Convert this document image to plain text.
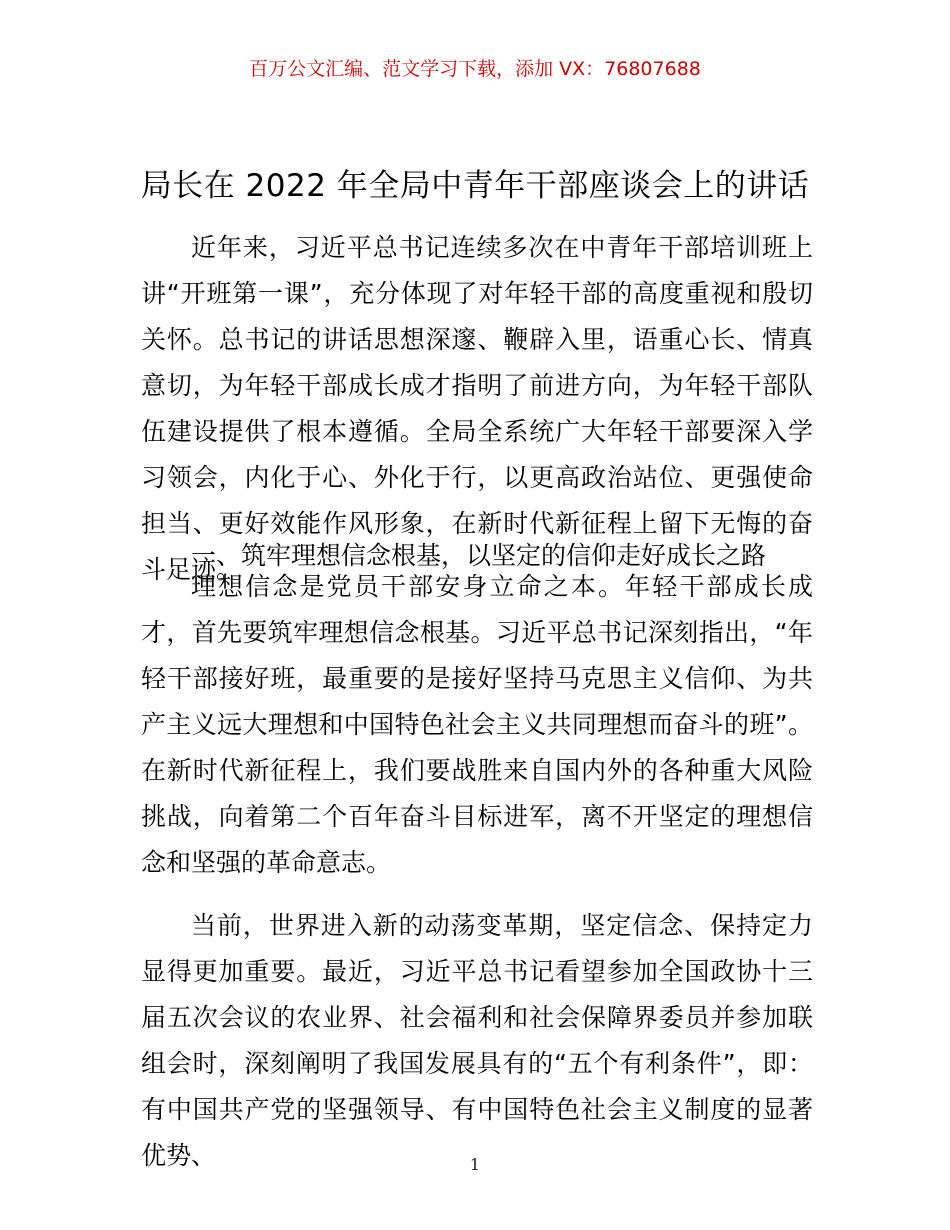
百万公文汇编、范文学习下载，添加 VX：76807688
局长在 2022 年全局中青年干部座谈会上的讲话

近年来，习近平总书记连续多次在中青年干部培训班上讲“开班第一课”，充分体现了对年轻干部的高度重视和殷切关怀。总书记的讲话思想深邃、鞭辟入里，语重心长、情真意切，为年轻干部成长成才指明了前进方向，为年轻干部队伍建设提供了根本遵循。全局全系统广大年轻干部要深入学习领会，内化于心、外化于行，以更高政治站位、更强使命担当、更好效能作风形象，在新时代新征程上留下无悔的奋斗足迹。

一、筑牢理想信念根基，以坚定的信仰走好成长之路

理想信念是党员干部安身立命之本。年轻干部成长成才，首先要筑牢理想信念根基。习近平总书记深刻指出，“年轻干部接好班，最重要的是接好坚持马克思主义信仰、为共产主义远大理想和中国特色社会主义共同理想而奋斗的班”。在新时代新征程上，我们要战胜来自国内外的各种重大风险挑战，向着第二个百年奋斗目标进军，离不开坚定的理想信念和坚强的革命意志。

当前，世界进入新的动荡变革期，坚定信念、保持定力显得更加重要。最近，习近平总书记看望参加全国政协十三届五次会议的农业界、社会福利和社会保障界委员并参加联组会时，深刻阐明了我国发展具有的“五个有利条件”，即：有中国共产党的坚强领导、有中国特色社会主义制度的显著优势、	1
